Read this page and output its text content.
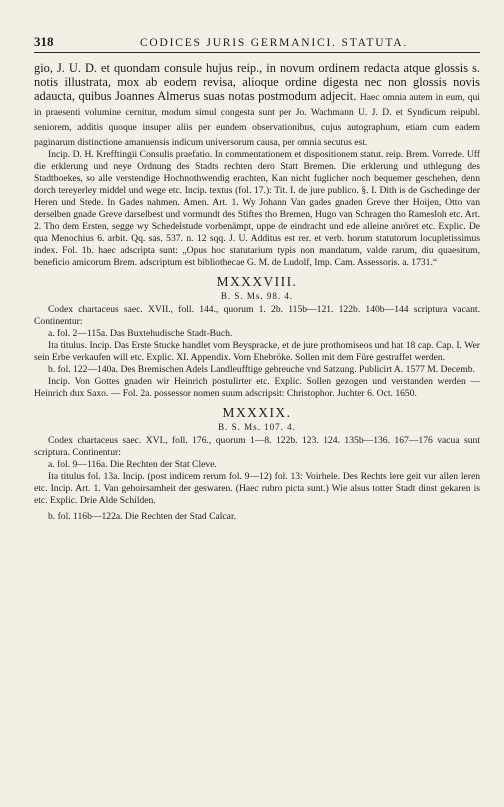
318	CODICES JURIS GERMANICI. STATUTA.

gio, J. U. D. et quondam consule hujus reip., in novum ordinem redacta atque glossis s. notis illustrata, mox ab eodem revisa, alioque ordine digesta nec non glossis novis adaucta, quibus Joannes Almerus suas notas postmodum adjecit. Haec omnia autem in eum, qui in praesenti volumine cernitur, modum simul congesta sunt per Jo. Wachmann U. J. D. et Syndicum reipubl. seniorem, additis quoque insuper aliis per eundem observationibus, cujus autographum, etiam cum eadem paginarum distinctione amanuensis indicum universorum causa, per omnia secutus est.

Incip. D. H. Krefftingii Consulis praefatio. In commentationem et dispositionem statut. reip. Brem. Vorrede. Uff die erklerung und neye Ordnung des Stadts rechten dero Statt Bremen. Die erklerung und uthlegung des Stadtboekes, so alle verstendige Hochnothwendig erachten, Kan nicht fuglicher noch bequemer geschehen, denn dorch tereyerley middel und wege etc. Incip. textus (fol. 17.): Tit. I. de jure publico. §. I. Dith is de Gschedinge der Heren und Stede. In Gades nahmen. Amen. Art. 1. Wy Johann Van gades gnaden Greve ther Hoijen, Otto van derselben gnade Greve darselbest und vormundt des Stiftes tho Bremen, Hugo van Schragen tho Ramesloh etc. Art. 2. Tho dem Ersten, segge wy Schedelstude vorbenämpt, uppe de eindracht und ede alleine anröret etc. Explic. De qua Menochius 6. arbit. Qq. sas. 537. n. 12 sqq. J. U. Additus est rer. et verb. horum statutorum locupletissimus index. Fol. 1b. haec adscripta sunt: „Opus hoc statutarium typis non mandatum, valde rarum, diu quaesitum, beneficio amicorum Brem. adscriptum est bibliothecae G. M. de Ludolf, Imp. Cam. Assessoris. a. 1731.“

MXXXVIII.
B. S. Ms. 98. 4.

Codex chartaceus saec. XVII., foll. 144., quorum 1. 2b. 115b—121. 122b. 140b—144 scriptura vacant. Continentur:

a. fol. 2—115a. Das Buxtehudische Stadt-Buch.

Ita titulus. Incip. Das Erste Stucke handlet vom Beyspracke, et de jure prothomiseos und hat 18 cap. Cap. I. Wer sein Erbe verkaufen will etc. Explic. XI. Appendix. Vom Ehebröke. Sollen mit dem Füre gestraffet werden.

b. fol. 122—140a. Des Bremischen Adels Landleufftige gebreuche vnd Satzung. Publicirt A. 1577 M. Decemb.

Incip. Von Gottes gnaden wir Heinrich postulirter etc. Explic. Sollen gezogen und verstanden werden — Heinrich dux Saxo. — Fol. 2a. possessor nomen suum adscripsit: Christophor. Juchter 6. Oct. 1650.

MXXXIX.
B. S. Ms. 107. 4.

Codex chartaceus saec. XVI., foll. 176., quorum 1—8. 122b. 123. 124. 135b—136. 167—176 vacua sunt scriptura. Continentur:

a. fol. 9—116a. Die Rechten der Stat Cleve.

Ita titulus fol. 13a. Incip. (post indicem rerum fol. 9—12) fol. 13: Voirhele. Des Rechts lere geit vur allen leren etc. Incip. Art. 1. Van gehoirsamheit der geswaren. (Haec rubro picta sunt.) Wie alsus totter Stadt dinst gekaren is etc. Explic. Drie Alde Schilden.

b. fol. 116b—122a. Die Rechten der Stad Calcar.
